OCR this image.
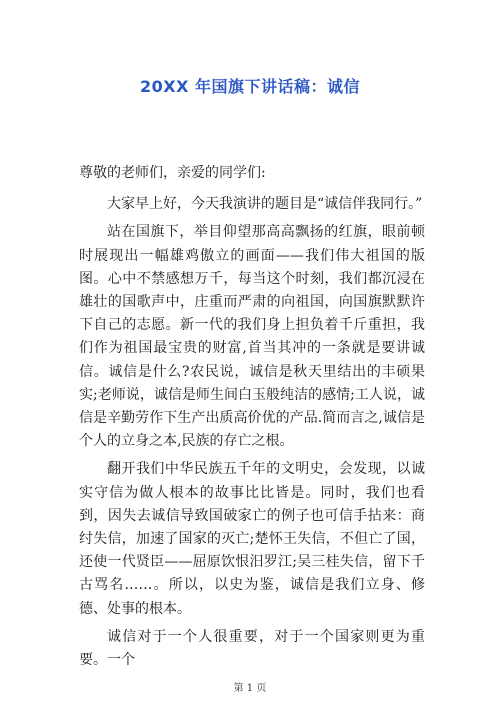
20XX 年国旗下讲话稿：诚信

尊敬的老师们，亲爱的同学们:

大家早上好，今天我演讲的题目是“诚信伴我同行。”

站在国旗下，举目仰望那高高飘扬的红旗，眼前顿时展现出一幅雄鸡傲立的画面——我们伟大祖国的版图。心中不禁感想万千，每当这个时刻，我们都沉浸在雄壮的国歌声中，庄重而严肃的向祖国，向国旗默默许下自己的志愿。新一代的我们身上担负着千斤重担，我们作为祖国最宝贵的财富,首当其冲的一条就是要讲诚信。诚信是什么?农民说，诚信是秋天里结出的丰硕果实;老师说，诚信是师生间白玉般纯洁的感情;工人说，诚信是辛勤劳作下生产出质高价优的产品.简而言之,诚信是个人的立身之本,民族的存亡之根。

翻开我们中华民族五千年的文明史，会发现，以诚实守信为做人根本的故事比比皆是。同时，我们也看到，因失去诚信导致国破家亡的例子也可信手拈来：商纣失信，加速了国家的灭亡;楚怀王失信，不但亡了国，还使一代贤臣——屈原饮恨汨罗江;吴三桂失信，留下千古骂名……。所以，以史为鉴，诚信是我们立身、修德、处事的根本。

诚信对于一个人很重要，对于一个国家则更为重要。一个

第 1 页
